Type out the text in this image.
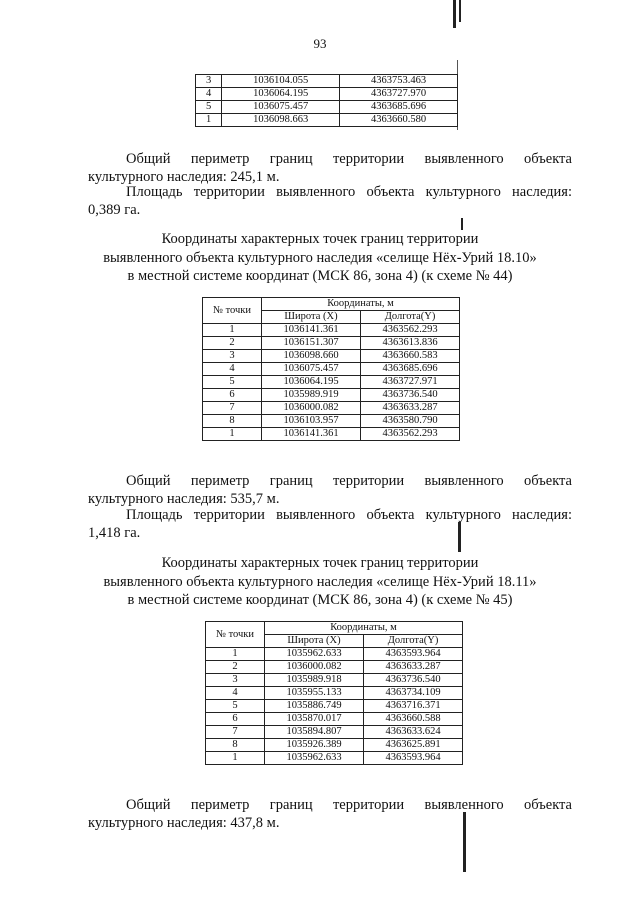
93
3	1036104.055	4363753.463
4	1036064.195	4363727.970
5	1036075.457	4363685.696
1	1036098.663	4363660.580

Общий периметр границ территории выявленного объекта

культурного наследия: 245,1 м.

Площадь территории выявленного объекта культурного наследия:

0,389 га.

Координаты характерных точек границ территории
выявленного объекта культурного наследия «селище Нёх-Урий 18.10»
в местной системе координат (МСК 86, зона 4) (к схеме № 44)
№ точки	Координаты, м	
	Широта (X)	Долгота(Y)
1	1036141.361	4363562.293
2	1036151.307	4363613.836
3	1036098.660	4363660.583
4	1036075.457	4363685.696
5	1036064.195	4363727.971
6	1035989.919	4363736.540
7	1036000.082	4363633.287
8	1036103.957	4363580.790
1	1036141.361	4363562.293

Общий периметр границ территории выявленного объекта

культурного наследия: 535,7 м.

Площадь территории выявленного объекта культурного наследия:

1,418 га.

Координаты характерных точек границ территории
выявленного объекта культурного наследия «селище Нёх-Урий 18.11»
в местной системе координат (МСК 86, зона 4) (к схеме № 45)
№ точки	Координаты, м	
	Широта (X)	Долгота(Y)
1	1035962.633	4363593.964
2	1036000.082	4363633.287
3	1035989.918	4363736.540
4	1035955.133	4363734.109
5	1035886.749	4363716.371
6	1035870.017	4363660.588
7	1035894.807	4363633.624
8	1035926.389	4363625.891
1	1035962.633	4363593.964

Общий периметр границ территории выявленного объекта

культурного наследия: 437,8 м.
